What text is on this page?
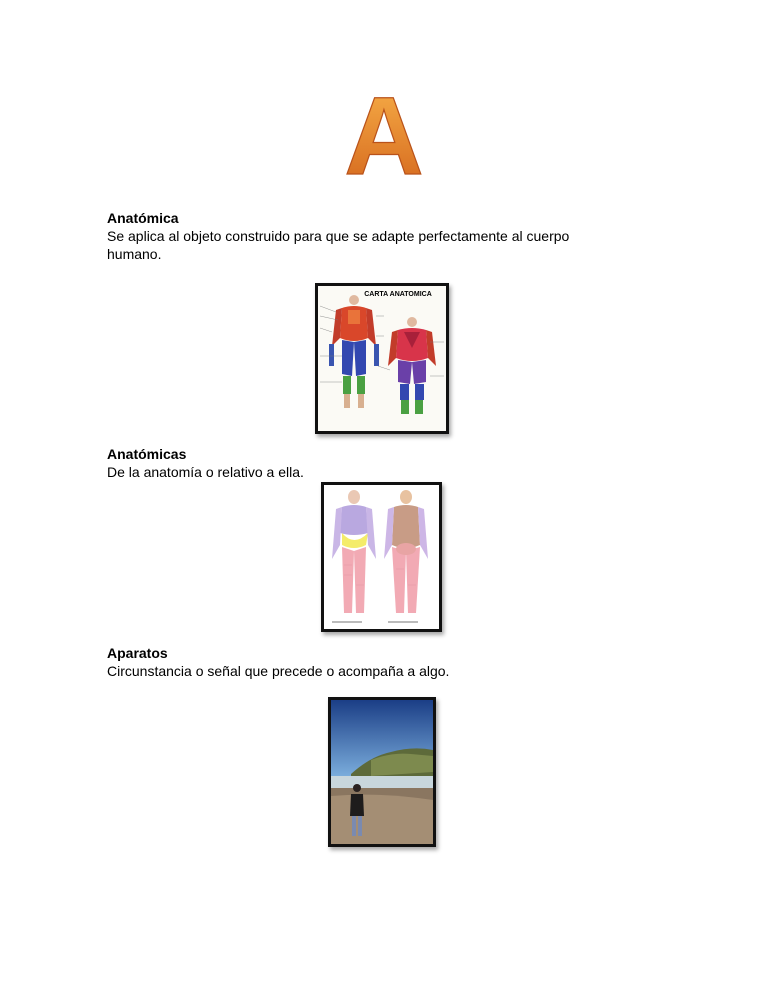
A
Anatómica
Se aplica al objeto construido para que se adapte perfectamente al cuerpo humano.
CARTA ANATOMICA
Anatómicas
De la anatomía o relativo a ella.
Aparatos
Circunstancia o señal que precede o acompaña a algo.
